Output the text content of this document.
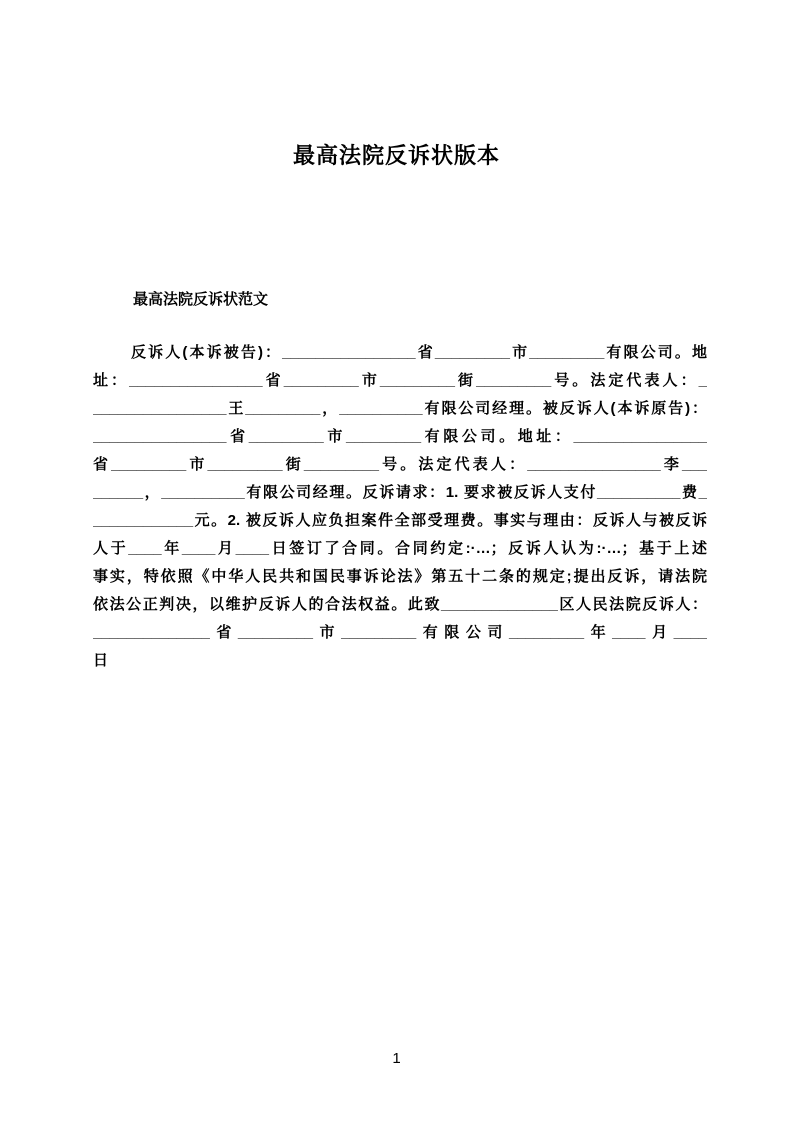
最高法院反诉状版本
最高法院反诉状范文
反诉人(本诉被告)：________________省_________市_________有限公司。地
址：________________省_________市_________街_________号。法定代表人：_
________________王_________，__________有限公司经理。被反诉人(本诉原告)：
________________省_________市_________有限公司。地址：________________
省_________市_________街_________号。法定代表人：________________李___
______，__________有限公司经理。反诉请求：1. 要求被反诉人支付__________费_
____________元。2. 被反诉人应负担案件全部受理费。事实与理由：反诉人与被反诉
人于____年____月____日签订了合同。合同约定:·…；反诉人认为:·…；基于上述
事实，特依照《中华人民共和国民事诉论法》第五十二条的规定;提出反诉，请法院
依法公正判决，以维护反诉人的合法权益。此致______________区人民法院反诉人：
______________省_________市_________有限公司_________年____月____
日
1
